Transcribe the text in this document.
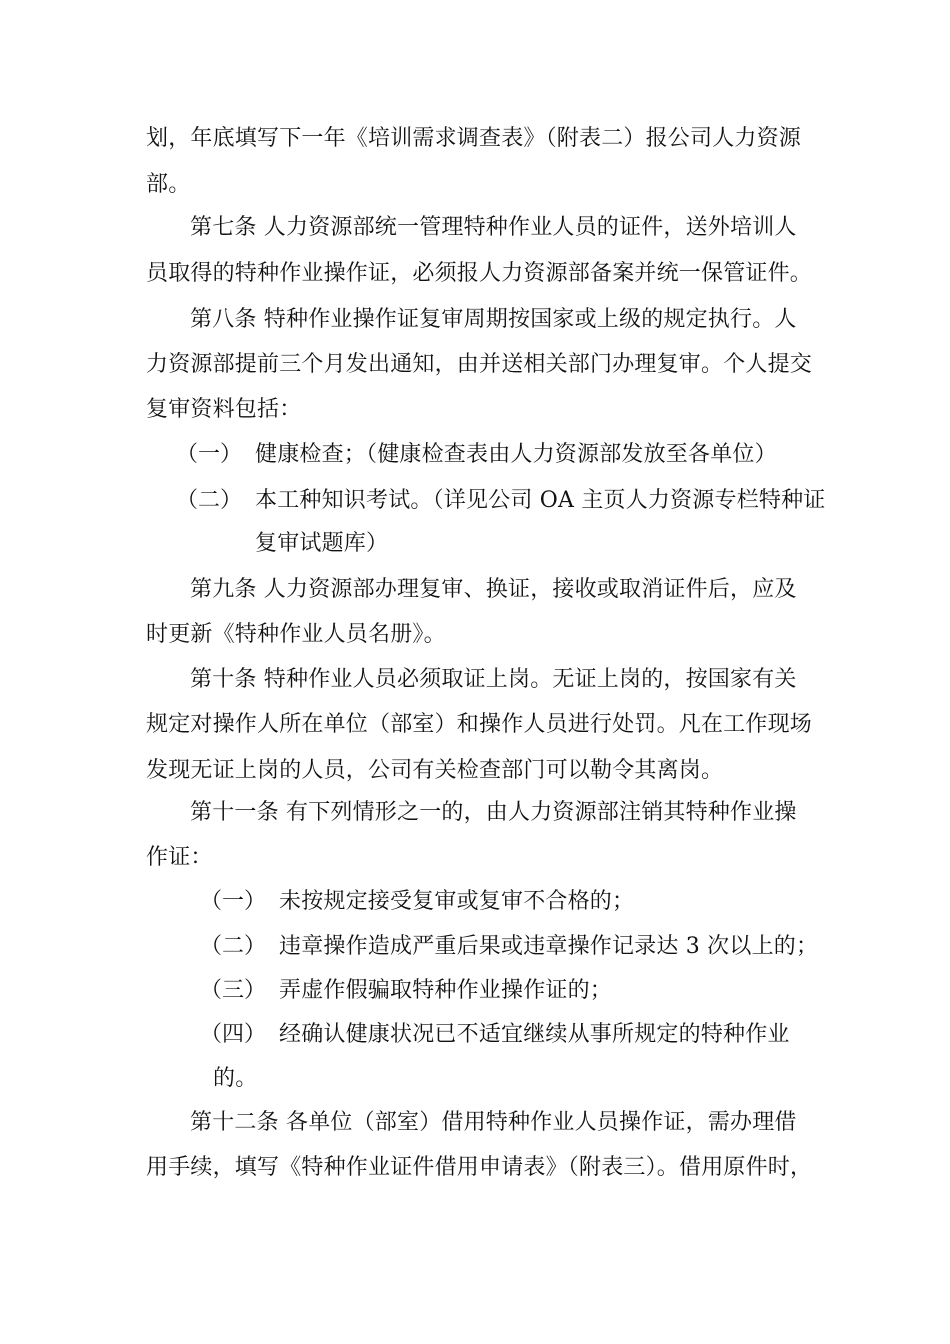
划，年底填写下一年《培训需求调查表》（附表二）报公司人力资源
部。
第七条 人力资源部统一管理特种作业人员的证件，送外培训人
员取得的特种作业操作证，必须报人力资源部备案并统一保管证件。
第八条 特种作业操作证复审周期按国家或上级的规定执行。人
力资源部提前三个月发出通知，由并送相关部门办理复审。个人提交
复审资料包括：
（一） 健康检查；（健康检查表由人力资源部发放至各单位）
（二） 本工种知识考试。（详见公司 OA 主页人力资源专栏特种证
复审试题库）
第九条 人力资源部办理复审、换证，接收或取消证件后，应及
时更新《特种作业人员名册》。
第十条 特种作业人员必须取证上岗。无证上岗的，按国家有关
规定对操作人所在单位（部室）和操作人员进行处罚。凡在工作现场
发现无证上岗的人员，公司有关检查部门可以勒令其离岗。
第十一条 有下列情形之一的，由人力资源部注销其特种作业操
作证：
（一） 未按规定接受复审或复审不合格的；
（二） 违章操作造成严重后果或违章操作记录达 3 次以上的；
（三） 弄虚作假骗取特种作业操作证的；
（四） 经确认健康状况已不适宜继续从事所规定的特种作业
的。
第十二条 各单位（部室）借用特种作业人员操作证，需办理借
用手续，填写《特种作业证件借用申请表》（附表三）。借用原件时，
